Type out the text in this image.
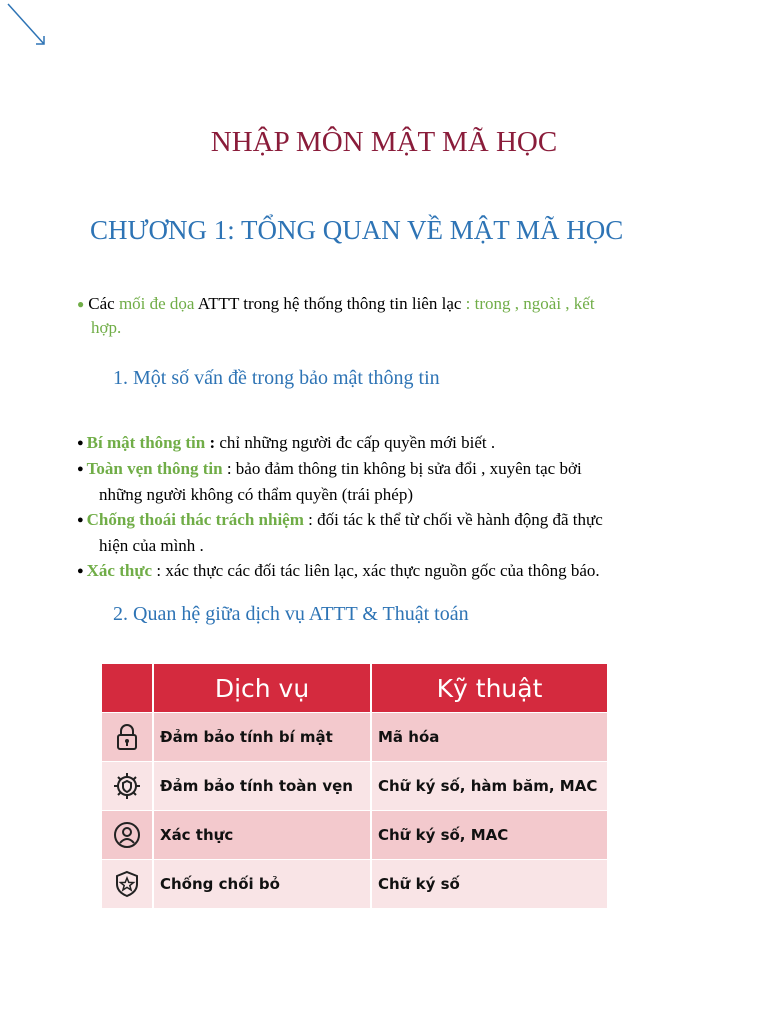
NHẬP MÔN MẬT MÃ HỌC
CHƯƠNG 1: TỔNG QUAN VỀ MẬT MÃ HỌC
● Các mối đe dọa ATTT trong hệ thống thông tin liên lạc : trong , ngoài , kết
hợp.
1. Một số vấn đề trong bảo mật thông tin
● Bí mật thông tin : chỉ những người đc cấp quyền mới biết .
● Toàn vẹn thông tin : bảo đảm thông tin không bị sửa đổi , xuyên tạc bởi
những người không có thẩm quyền (trái phép)
● Chống thoái thác trách nhiệm : đối tác k thể từ chối về hành động đã thực
hiện của mình .
● Xác thực : xác thực các đối tác liên lạc, xác thực nguồn gốc của thông báo.
2. Quan hệ giữa dịch vụ ATTT & Thuật toán
	Dịch vụ	Kỹ thuật

	Đảm bảo tính bí mật	Mã hóa

	Đảm bảo tính toàn vẹn	Chữ ký số, hàm băm, MAC

	Xác thực	Chữ ký số, MAC

	Chống chối bỏ	Chữ ký số
